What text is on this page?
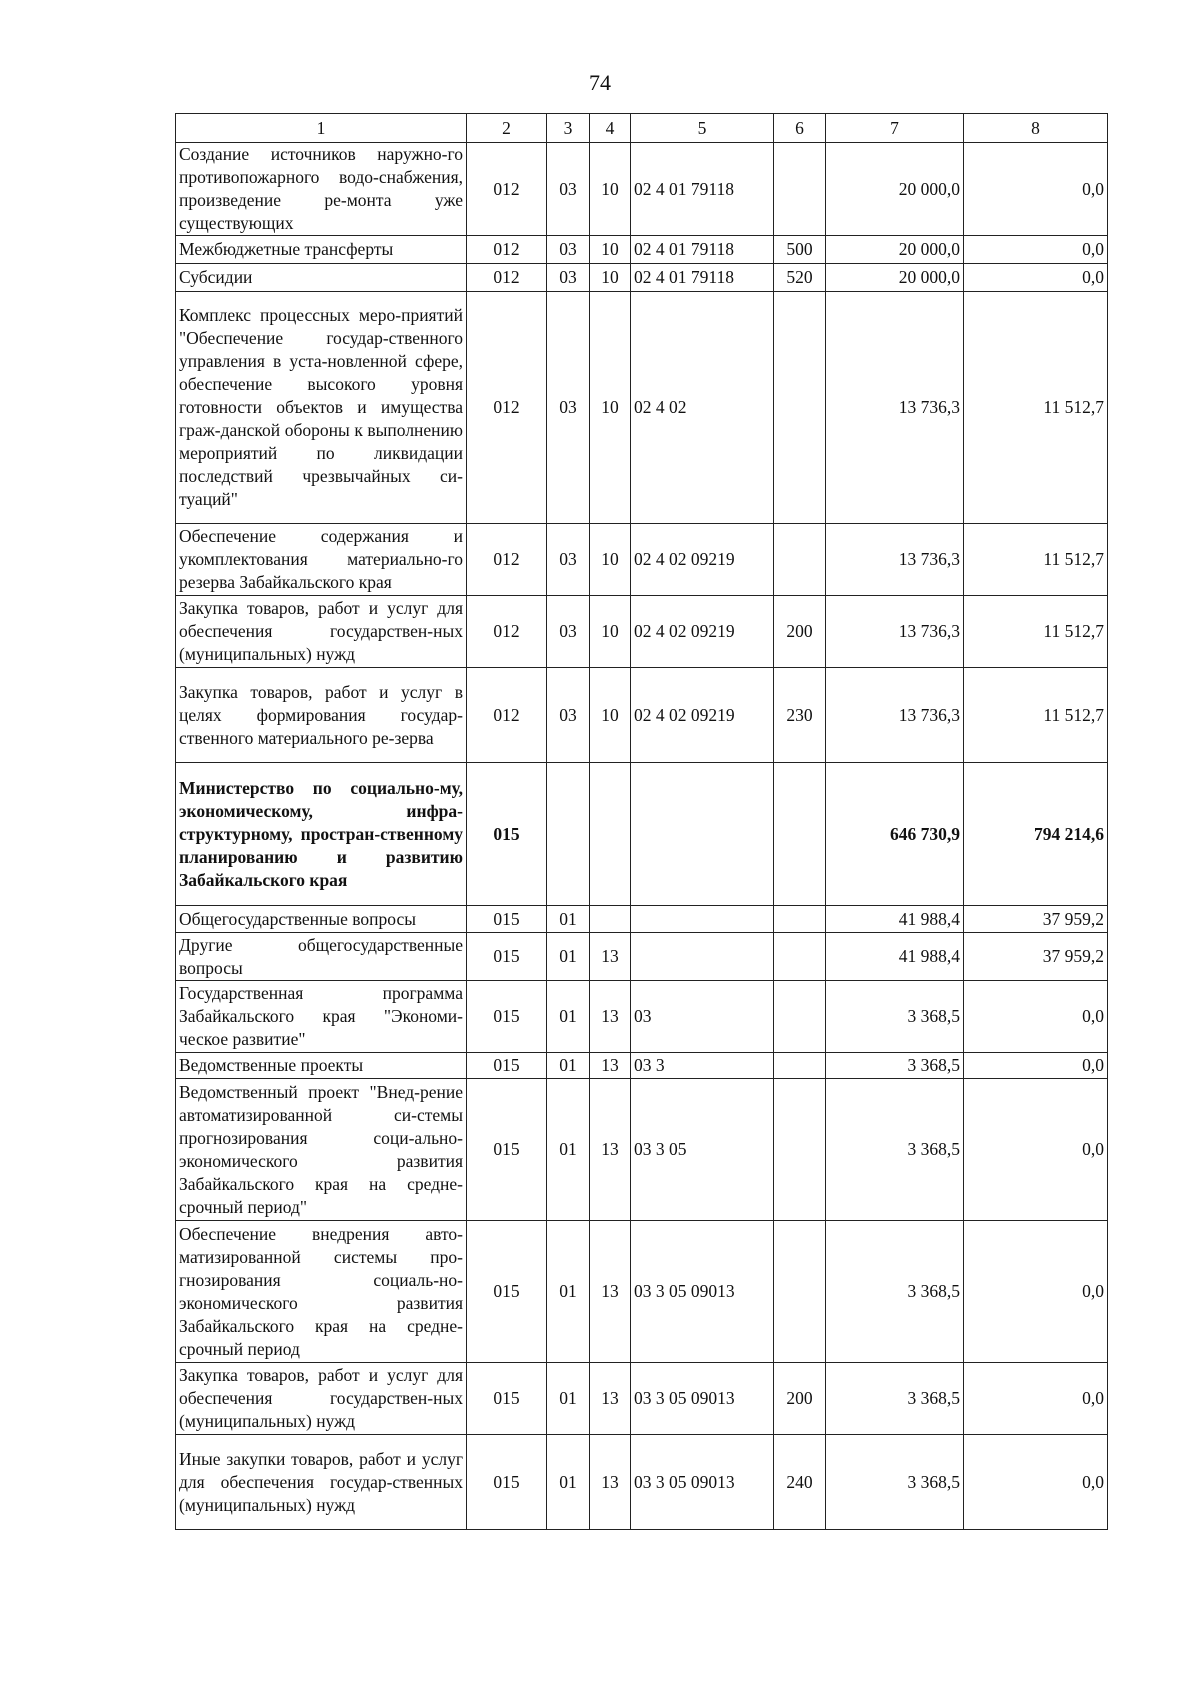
74
1	2	3	4	5	6	7	8
Создание источников наружно-го противопожарного водо-снабжения, произведение ре-монта уже существующих	012	03	10	02 4 01 79118		20 000,0	0,0
Межбюджетные трансферты	012	03	10	02 4 01 79118	500	20 000,0	0,0
Субсидии	012	03	10	02 4 01 79118	520	20 000,0	0,0
Комплекс процессных меро-приятий "Обеспечение государ-ственного управления в уста-новленной сфере, обеспечение высокого уровня готовности объектов и имущества граж-данской обороны к выполнению мероприятий по ликвидации последствий чрезвычайных си-туаций"	012	03	10	02 4 02		13 736,3	11 512,7
Обеспечение содержания и укомплектования материально-го резерва Забайкальского края	012	03	10	02 4 02 09219		13 736,3	11 512,7
Закупка товаров, работ и услуг для обеспечения государствен-ных (муниципальных) нужд	012	03	10	02 4 02 09219	200	13 736,3	11 512,7
Закупка товаров, работ и услуг в целях формирования государ-ственного материального ре-зерва	012	03	10	02 4 02 09219	230	13 736,3	11 512,7
Министерство по социально-му, экономическому, инфра-структурному, простран-ственному планированию и развитию Забайкальского края	015					646 730,9	794 214,6
Общегосударственные вопросы	015	01				41 988,4	37 959,2
Другие общегосударственные вопросы	015	01	13			41 988,4	37 959,2
Государственная программа Забайкальского края "Экономи-ческое развитие"	015	01	13	03		3 368,5	0,0
Ведомственные проекты	015	01	13	03 3		3 368,5	0,0
Ведомственный проект "Внед-рение автоматизированной си-стемы прогнозирования соци-ально-экономического развития Забайкальского края на средне-срочный период"	015	01	13	03 3 05		3 368,5	0,0
Обеспечение внедрения авто-матизированной системы про-гнозирования социаль-но-экономического развития Забайкальского края на средне-срочный период	015	01	13	03 3 05 09013		3 368,5	0,0
Закупка товаров, работ и услуг для обеспечения государствен-ных (муниципальных) нужд	015	01	13	03 3 05 09013	200	3 368,5	0,0
Иные закупки товаров, работ и услуг для обеспечения государ-ственных (муниципальных) нужд	015	01	13	03 3 05 09013	240	3 368,5	0,0
